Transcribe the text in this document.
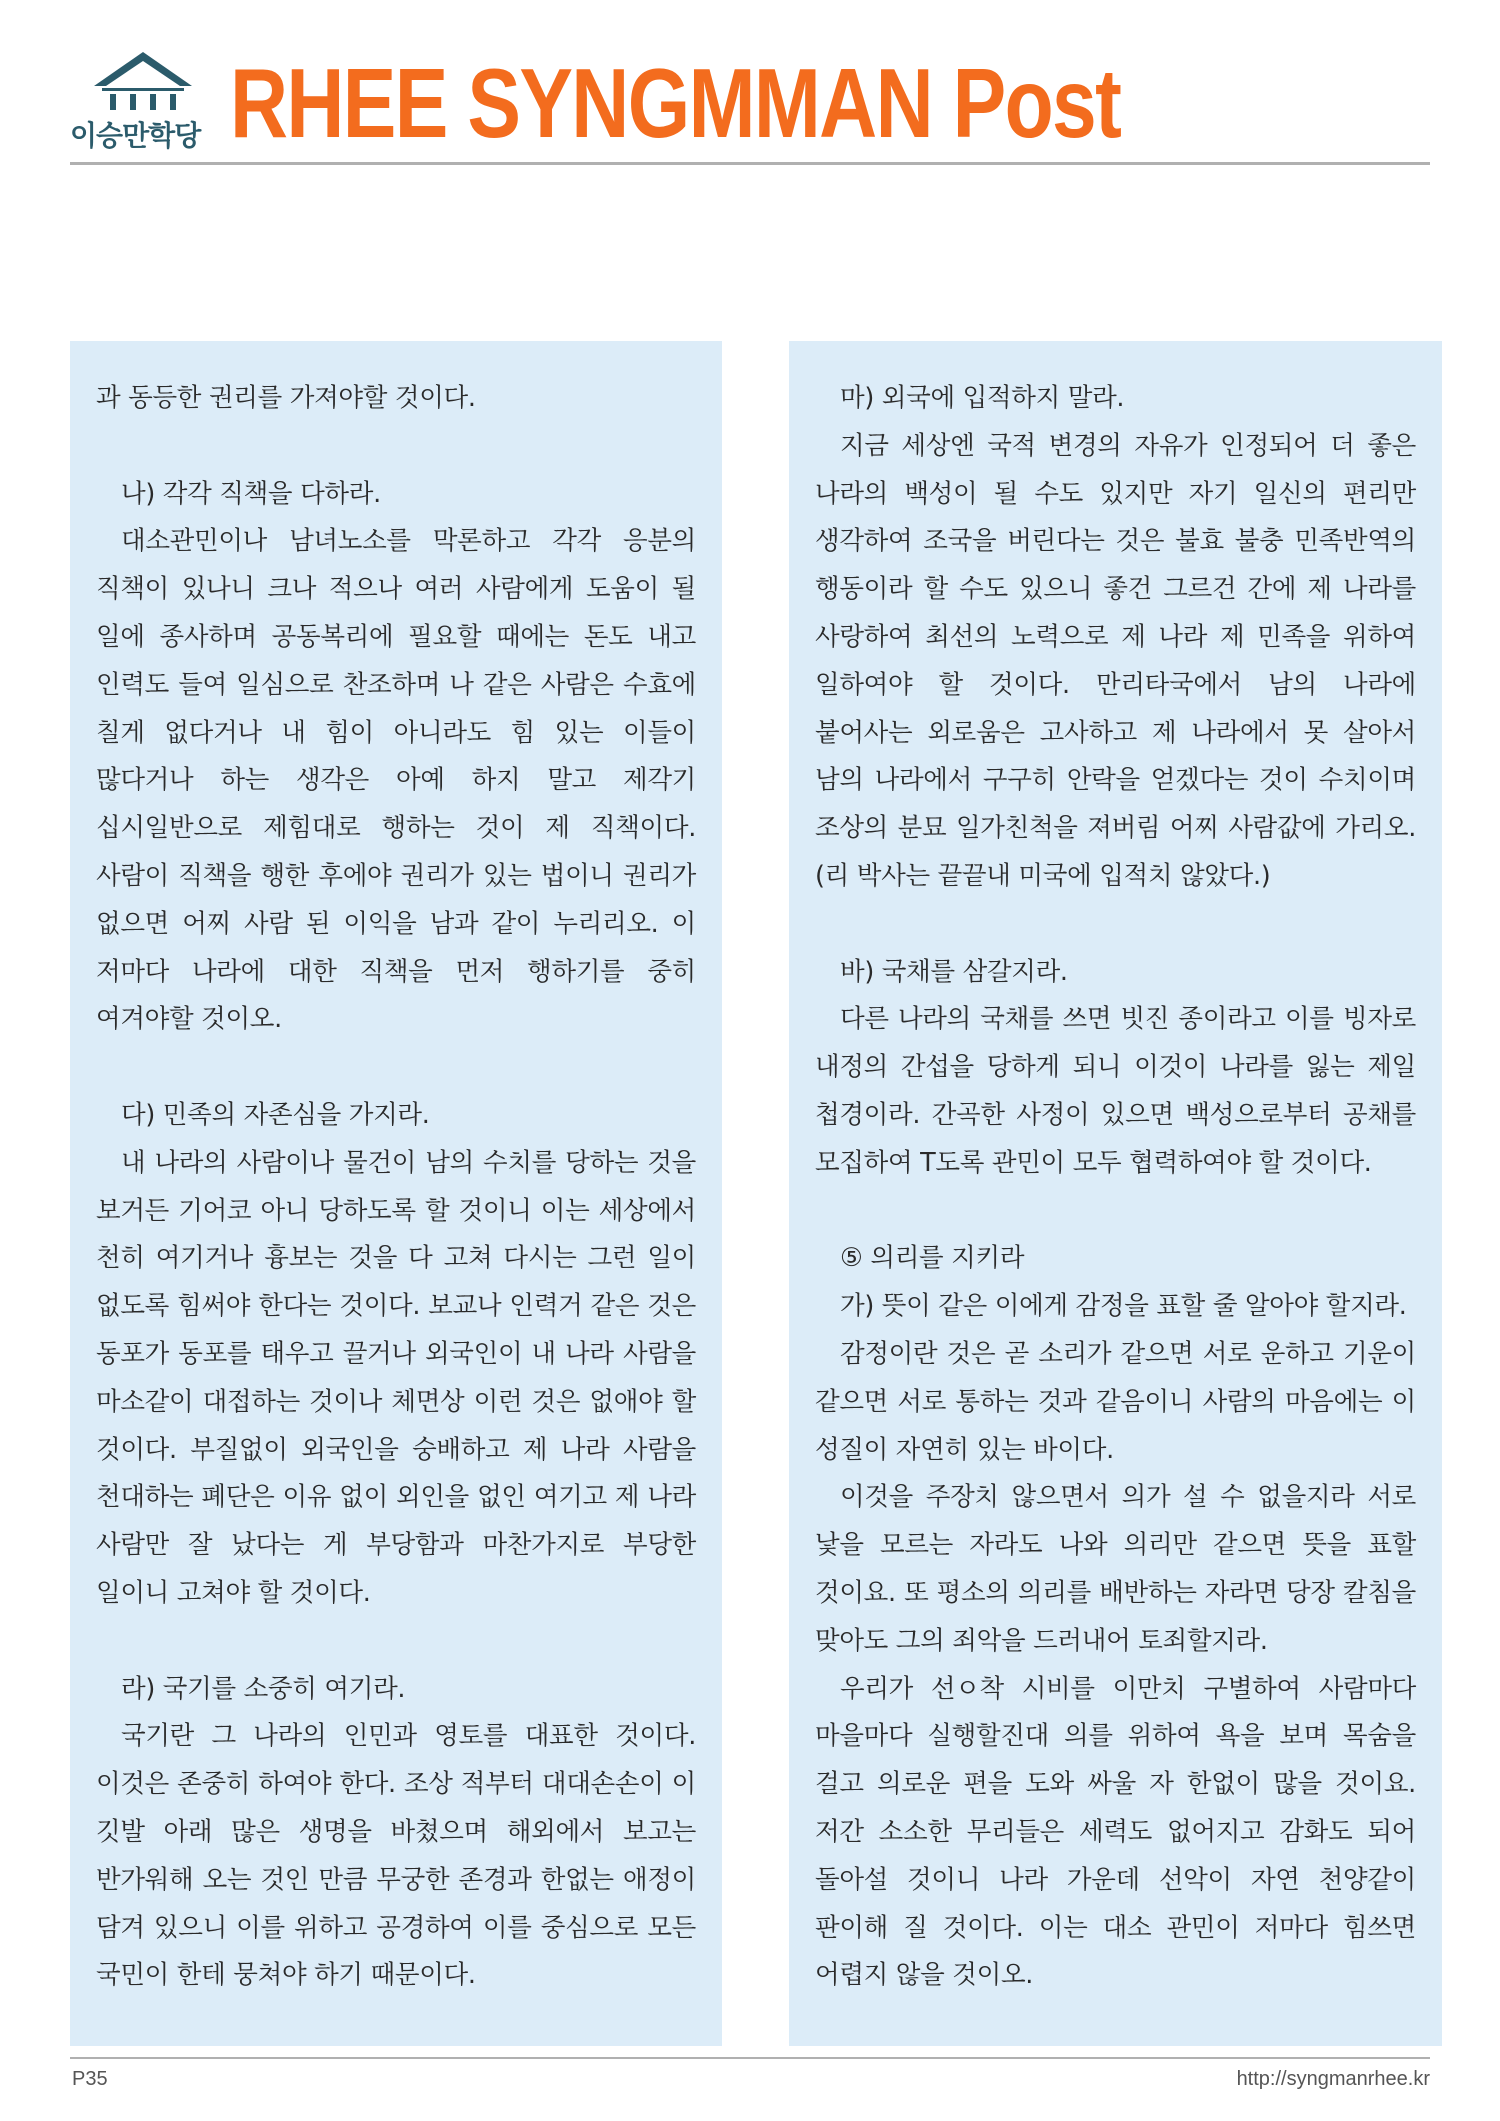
이승만학당 RHEE SYNGMMAN Post

과 동등한 권리를 가져야할 것이다.

나) 각각 직책을 다하라.

대소관민이나 남녀노소를 막론하고 각각 응분의 직책이 있나니 크나 적으나 여러 사람에게 도움이 될 일에 종사하며 공동복리에 필요할 때에는 돈도 내고 인력도 들여 일심으로 찬조하며 나 같은 사람은 수효에 칠게 없다거나 내 힘이 아니라도 힘 있는 이들이 많다거나 하는 생각은 아예 하지 말고 제각기 십시일반으로 제힘대로 행하는 것이 제 직책이다. 사람이 직책을 행한 후에야 권리가 있는 법이니 권리가 없으면 어찌 사람 된 이익을 남과 같이 누리리오. 이 저마다 나라에 대한 직책을 먼저 행하기를 중히 여겨야할 것이오.

다) 민족의 자존심을 가지라.

내 나라의 사람이나 물건이 남의 수치를 당하는 것을 보거든 기어코 아니 당하도록 할 것이니 이는 세상에서 천히 여기거나 흉보는 것을 다 고쳐 다시는 그런 일이 없도록 힘써야 한다는 것이다. 보교나 인력거 같은 것은 동포가 동포를 태우고 끌거나 외국인이 내 나라 사람을 마소같이 대접하는 것이나 체면상 이런 것은 없애야 할 것이다. 부질없이 외국인을 숭배하고 제 나라 사람을 천대하는 폐단은 이유 없이 외인을 없인 여기고 제 나라 사람만 잘 났다는 게 부당함과 마찬가지로 부당한 일이니 고쳐야 할 것이다.

라) 국기를 소중히 여기라.

국기란 그 나라의 인민과 영토를 대표한 것이다. 이것은 존중히 하여야 한다. 조상 적부터 대대손손이 이 깃발 아래 많은 생명을 바쳤으며 해외에서 보고는 반가워해 오는 것인 만큼 무궁한 존경과 한없는 애정이 담겨 있으니 이를 위하고 공경하여 이를 중심으로 모든 국민이 한테 뭉쳐야 하기 때문이다.

마) 외국에 입적하지 말라.

지금 세상엔 국적 변경의 자유가 인정되어 더 좋은 나라의 백성이 될 수도 있지만 자기 일신의 편리만 생각하여 조국을 버린다는 것은 불효 불충 민족반역의 행동이라 할 수도 있으니 좋건 그르건 간에 제 나라를 사랑하여 최선의 노력으로 제 나라 제 민족을 위하여 일하여야 할 것이다. 만리타국에서 남의 나라에 붙어사는 외로움은 고사하고 제 나라에서 못 살아서 남의 나라에서 구구히 안락을 얻겠다는 것이 수치이며 조상의 분묘 일가친척을 져버림 어찌 사람값에 가리오.(리 박사는 끝끝내 미국에 입적치 않았다.)

바) 국채를 삼갈지라.

다른 나라의 국채를 쓰면 빗진 종이라고 이를 빙자로 내정의 간섭을 당하게 되니 이것이 나라를 잃는 제일 첩경이라. 간곡한 사정이 있으면 백성으로부터 공채를 모집하여 T도록 관민이 모두 협력하여야 할 것이다.

⑤ 의리를 지키라

가) 뜻이 같은 이에게 감정을 표할 줄 알아야 할지라.

감정이란 것은 곧 소리가 같으면 서로 운하고 기운이 같으면 서로 통하는 것과 같음이니 사람의 마음에는 이 성질이 자연히 있는 바이다.

이것을 주장치 않으면서 의가 설 수 없을지라 서로 낯을 모르는 자라도 나와 의리만 같으면 뜻을 표할 것이요. 또 평소의 의리를 배반하는 자라면 당장 칼침을 맞아도 그의 죄악을 드러내어 토죄할지라.

우리가 선ㅇ착 시비를 이만치 구별하여 사람마다 마을마다 실행할진대 의를 위하여 욕을 보며 목숨을 걸고 의로운 편을 도와 싸울 자 한없이 많을 것이요. 저간 소소한 무리들은 세력도 없어지고 감화도 되어 돌아설 것이니 나라 가운데 선악이 자연 천양같이 판이해 질 것이다. 이는 대소 관민이 저마다 힘쓰면 어렵지 않을 것이오.

P35	http://syngmanrhee.kr
